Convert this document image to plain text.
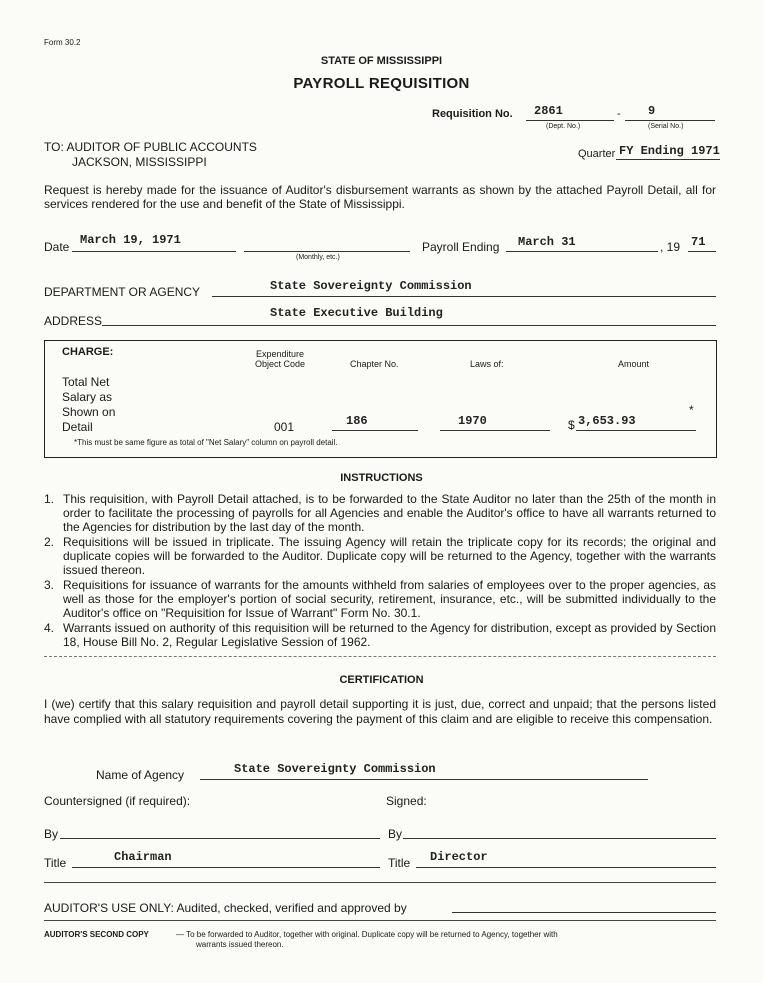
Form 30.2
STATE OF MISSISSIPPI
PAYROLL REQUISITION
Requisition No. 2861	- 9
(Dept. No.)	(Serial No.)
TO: AUDITOR OF PUBLIC ACCOUNTS
JACKSON, MISSISSIPPI
Quarter FY Ending 1971
Request is hereby made for the issuance of Auditor's disbursement warrants as shown by the attached Payroll Detail, all for services rendered for the use and benefit of the State of Mississippi.
Date March 19, 1971
(Monthly, etc.)
Payroll Ending March 31	, 19 71
DEPARTMENT OR AGENCY	State Sovereignty Commission
ADDRESS
State Executive Building
CHARGE:	Expenditure
Object Code	Chapter No.	Laws of:	Amount
Total Net
Salary as
Shown on
Detail	001	186	1970	$ 3,653.93
*
*This must be same figure as total of "Net Salary" column on payroll detail.
INSTRUCTIONS
1. This requisition, with Payroll Detail attached, is to be forwarded to the State Auditor no later than the 25th of the month in order to facilitate the processing of payrolls for all Agencies and enable the Auditor's office to have all warrants returned to the Agencies for distribution by the last day of the month.
2. Requisitions will be issued in triplicate. The issuing Agency will retain the triplicate copy for its records; the original and duplicate copies will be forwarded to the Auditor. Duplicate copy will be returned to the Agency, together with the warrants issued thereon.
3. Requisitions for issuance of warrants for the amounts withheld from salaries of employees over to the proper agencies, as well as those for the employer's portion of social security, retirement, insurance, etc., will be submitted individually to the Auditor's office on "Requisition for Issue of Warrant" Form No. 30.1.
4. Warrants issued on authority of this requisition will be returned to the Agency for distribution, except as provided by Section 18, House Bill No. 2, Regular Legislative Session of 1962.
CERTIFICATION
I (we) certify that this salary requisition and payroll detail supporting it is just, due, correct and unpaid; that the persons listed have complied with all statutory requirements covering the payment of this claim and are eligible to receive this compensation.
Name of Agency	State Sovereignty Commission
Countersigned (if required):	Signed:
By	By
Title	Chairman	Title Director
AUDITOR'S USE ONLY: Audited, checked, verified and approved by
AUDITOR'S SECOND COPY	— To be forwarded to Auditor, together with original. Duplicate copy will be returned to Agency, together with
warrants issued thereon.
